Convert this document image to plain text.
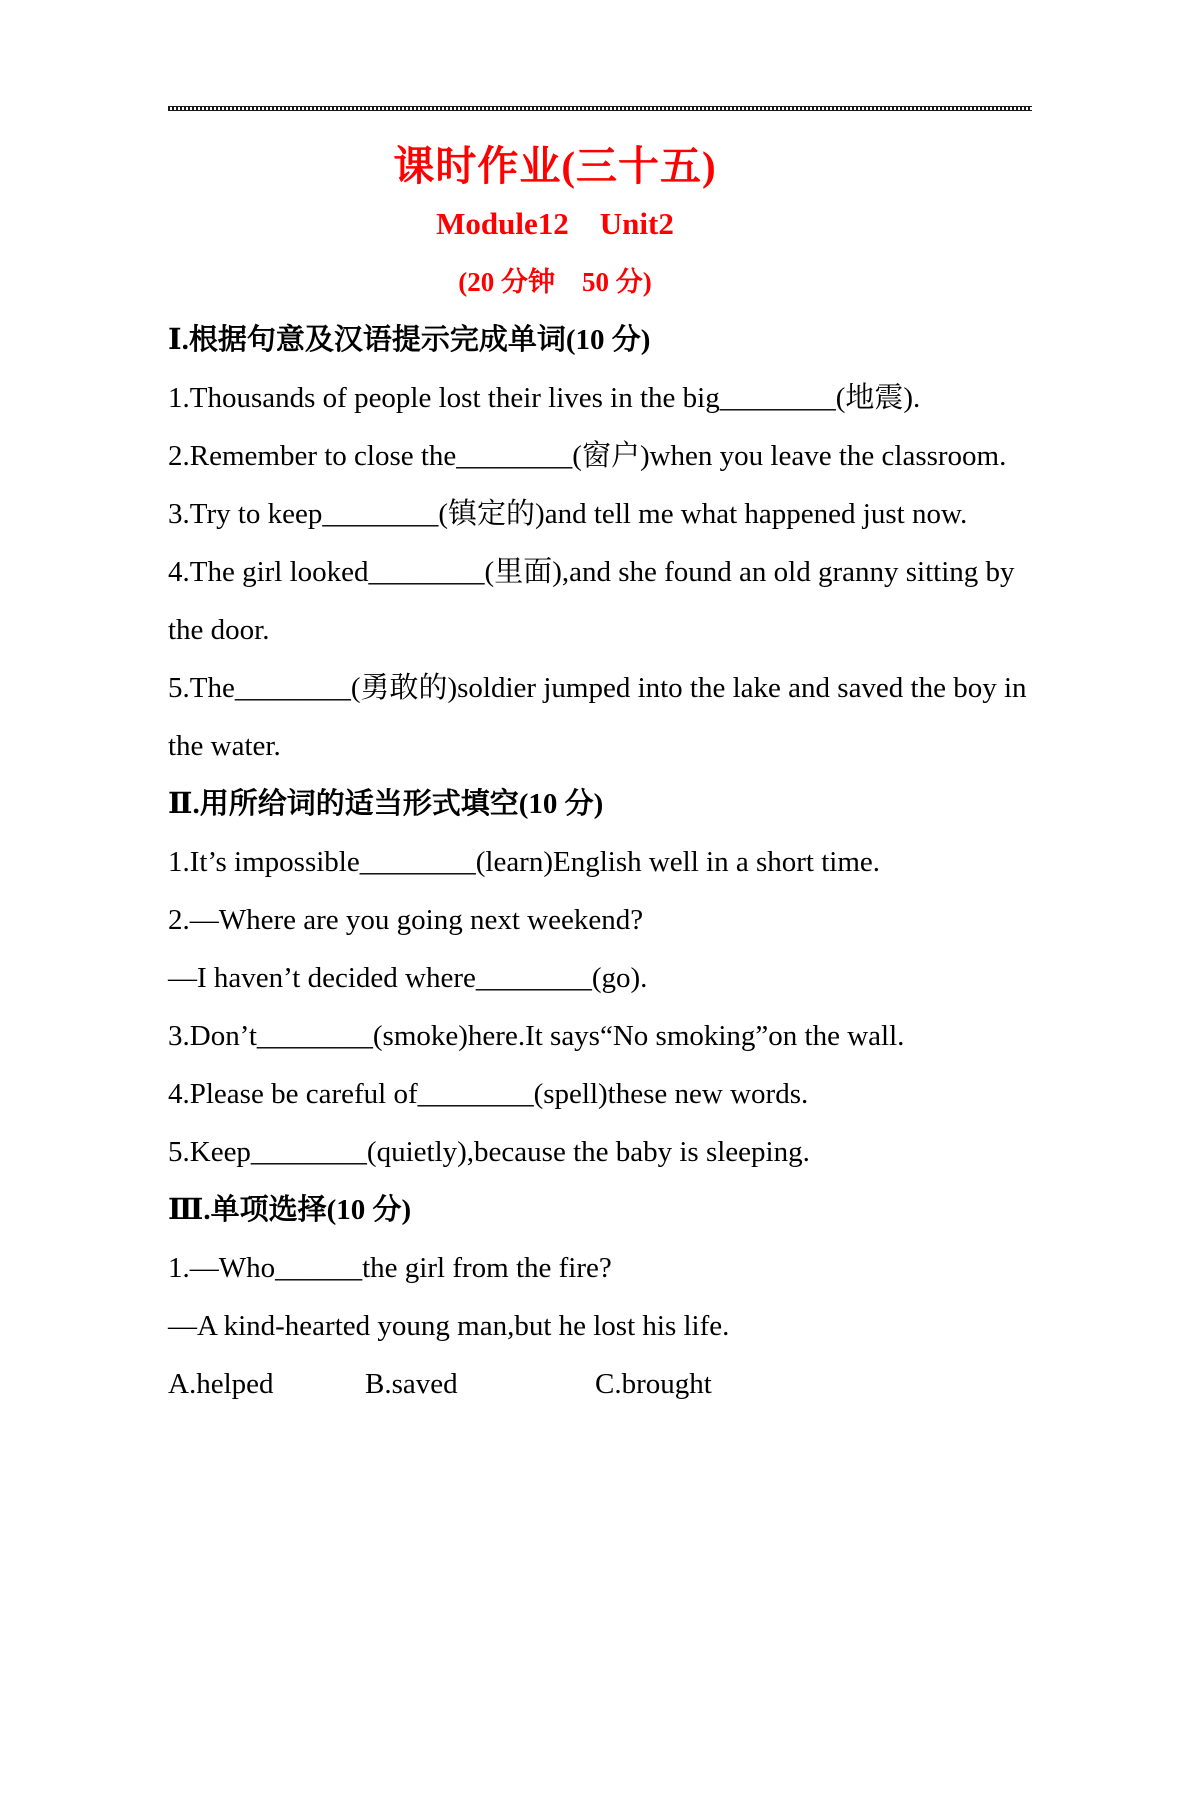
课时作业(三十五)
Module12　Unit2
(20 分钟　50 分)

Ⅰ.根据句意及汉语提示完成单词(10 分)

1.Thousands of people lost their lives in the big________(地震).

2.Remember to close the________(窗户)when you leave the classroom.

3.Try to keep________(镇定的)and tell me what happened just now.

4.The girl looked________(里面),and she found an old granny sitting by

the door.

5.The________(勇敢的)soldier jumped into the lake and saved the boy in

the water.

Ⅱ.用所给词的适当形式填空(10 分)

1.It’s impossible________(learn)English well in a short time.

2.—Where are you going next weekend?

—I haven’t decided where________(go).

3.Don’t________(smoke)here.It says“No smoking”on the wall.

4.Please be careful of________(spell)these new words.

5.Keep________(quietly),because the baby is sleeping.

Ⅲ.单项选择(10 分)

1.—Who______the girl from the fire?

—A kind-hearted young man,but he lost his life.

A.helped	B.saved	C.brought
